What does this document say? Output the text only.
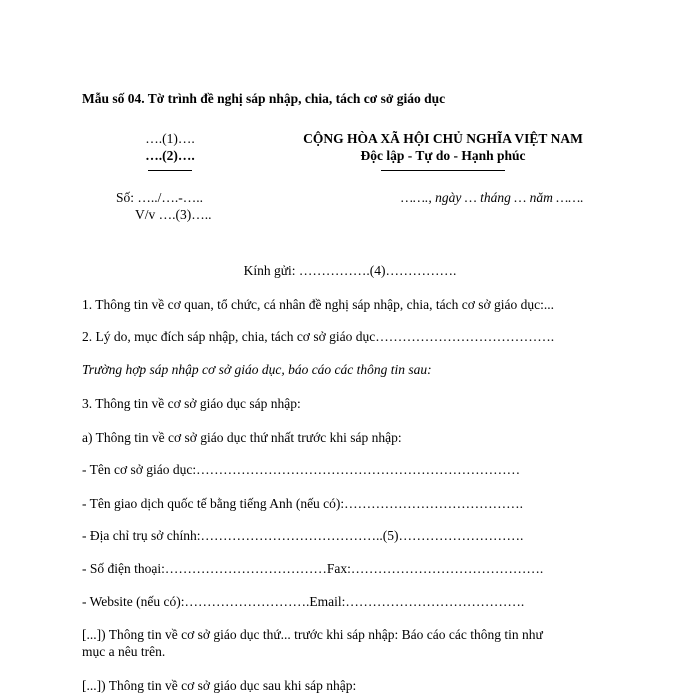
Mẫu số 04. Tờ trình đề nghị sáp nhập, chia, tách cơ sở giáo dục
….(1)….
….(2)….
Số: …../….-…..
V/v ….(3)…..
CỘNG HÒA XÃ HỘI CHỦ NGHĨA VIỆT NAM
Độc lập - Tự do - Hạnh phúc
……., ngày … tháng … năm …….
Kính gửi: …………….(4)…………….
1. Thông tin về cơ quan, tổ chức, cá nhân đề nghị sáp nhập, chia, tách cơ sở giáo dục:...
2. Lý do, mục đích sáp nhập, chia, tách cơ sở giáo dục………………………………….
Trường hợp sáp nhập cơ sở giáo dục, báo cáo các thông tin sau:
3. Thông tin về cơ sở giáo dục sáp nhập:
a) Thông tin về cơ sở giáo dục thứ nhất trước khi sáp nhập:
- Tên cơ sở giáo dục:………………………………………………………………
- Tên giao dịch quốc tế bằng tiếng Anh (nếu có):………………………………….
- Địa chỉ trụ sở chính:…………………………………..(5)……………………….
- Số điện thoại:………………………………Fax:…………………………………….
- Website (nếu có):……………………….Email:………………………………….
[...]) Thông tin về cơ sở giáo dục thứ... trước khi sáp nhập: Báo cáo các thông tin như
mục a nêu trên.
[...]) Thông tin về cơ sở giáo dục sau khi sáp nhập:
